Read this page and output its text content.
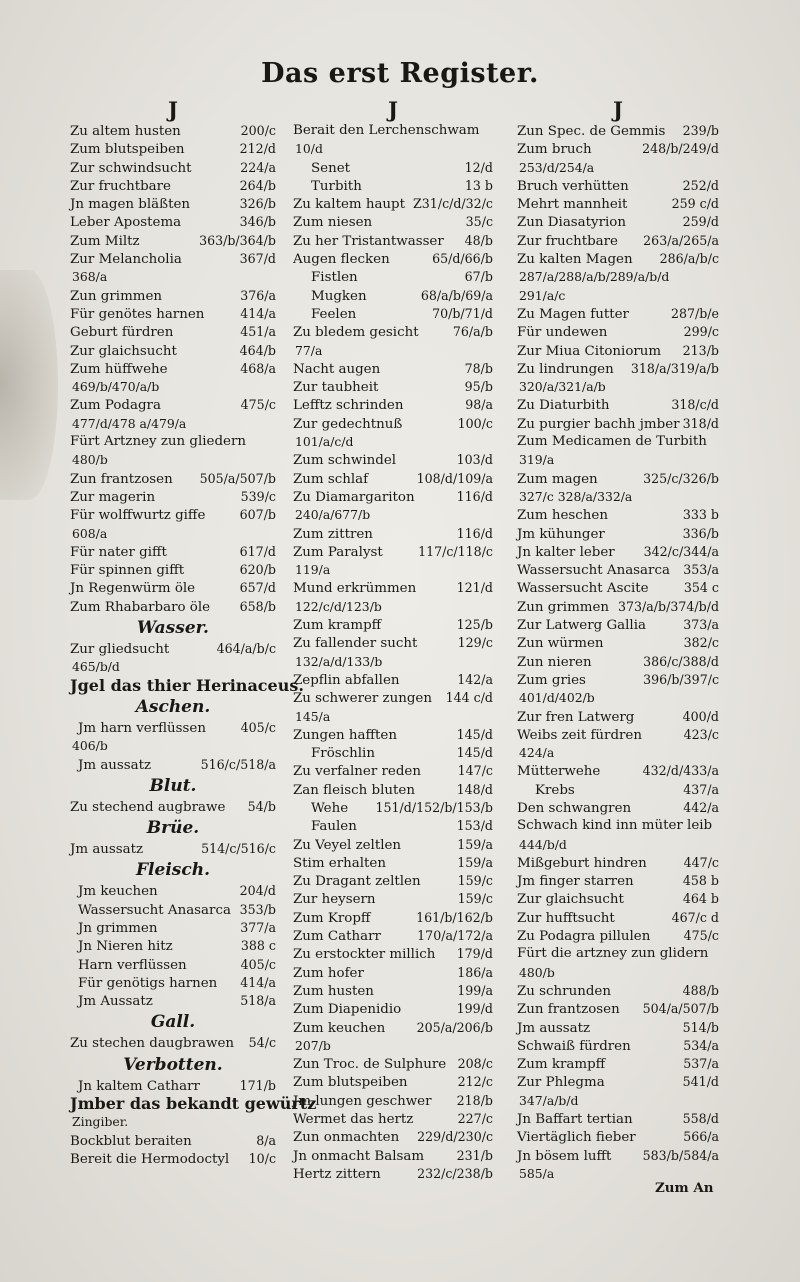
Das erst Register.
J
Zu altem husten	200/c
Zum blutspeiben	212/d
Zur schwindsucht	224/a
Zur fruchtbare	264/b
Jn magen bläßten	326/b
Leber Apostema	346/b
Zum Miltz	363/b/364/b
Zur Melancholia	367/d
368/a
Zun grimmen	376/a
Für genötes harnen	414/a
Geburt fürdren	451/a
Zur glaichsucht	464/b
Zum hüffwehe	468/a
469/b/470/a/b
Zum Podagra	475/c
477/d/478 a/479/a
Fürt Artzney zun gliedern
480/b
Zun frantzosen 505/a/507/b
Zur magerin	539/c
Für wolffwurtz giffe	607/b
608/a
Für nater gifft	617/d
Für spinnen gifft	620/b
Jn Regenwürm öle	657/d
Zum Rhabarbaro öle 658/b
Wasser.
Zur gliedsucht	464/a/b/c
465/b/d
Jgel das thier Herinaceus.
Aschen.
Jm harn verflüssen	405/c
406/b
Jm aussatz	516/c/518/a
Blut.
Zu stechend augbrawe 54/b
Brüe.
Jm aussatz	514/c/516/c
Fleisch.
Jm keuchen	204/d
Wassersucht Anasarca 353/b
Jn grimmen	377/a
Jn Nieren hitz	388 c
Harn verflüssen	405/c
Für genötigs harnen 414/a
Jm Aussatz	518/a
Gall.
Zu stechen daugbrawen 54/c
Verbotten.
Jn kaltem Catharr	171/b
Jmber das bekandt gewürtz
Zingiber.
Bockblut beraiten	8/a
Bereit die Hermodoctyl 10/c
J
Berait den Lerchenschwam
10/d
Senet	12/d
Turbith	13 b
Zu kaltem haupt Z31/c/d/32/c
Zum niesen	35/c
Zu her Tristantwasser 48/b
Augen flecken	65/d/66/b
Fistlen	67/b
Mugken	68/a/b/69/a
Feelen	70/b/71/d
Zu bledem gesicht	76/a/b
77/a
Nacht augen	78/b
Zur taubheit	95/b
Lefftz schrinden	98/a
Zur gedechtnuß	100/c
101/a/c/d
Zum schwindel	103/d
Zum schlaf	108/d/109/a
Zu Diamargariton	116/d
240/a/677/b
Zum zittren	116/d
Zum Paralyst	117/c/118/c
119/a
Mund erkrümmen	121/d
122/c/d/123/b
Zum krampff	125/b
Zu fallender sucht	129/c
132/a/d/133/b
Zepflin abfallen	142/a
Zu schwerer zungen 144 c/d
145/a
Zungen hafften	145/d
Fröschlin	145/d
Zu verfalner reden	147/c
Zan fleisch bluten	148/d
Wehe 151/d/152/b/153/b
Faulen	153/d
Zu Veyel zeltlen	159/a
Stim erhalten	159/a
Zu Dragant zeltlen	159/c
Zur heysern	159/c
Zum Kropff	161/b/162/b
Zum Catharr	170/a/172/a
Zu erstockter millich 179/d
Zum hofer	186/a
Zum husten	199/a
Zum Diapenidio	199/d
Zum keuchen 205/a/206/b
207/b
Zun Troc. de Sulphure 208/c
Zum blutspeiben	212/c
Jm lungen geschwer 218/b
Wermet das hertz	227/c
Zun onmachten 229/d/230/c
Jn onmacht Balsam	231/b
Hertz zittern	232/c/238/b
J
Zun Spec. de Gemmis 239/b
Zum bruch	248/b/249/d
253/d/254/a
Bruch verhütten	252/d
Mehrt mannheit	259 c/d
Zun Diasatyrion	259/d
Zur fruchtbare 263/a/265/a
Zu kalten Magen 286/a/b/c
287/a/288/a/b/289/a/b/d
291/a/c
Zu Magen futter	287/b/e
Für undewen	299/c
Zur Miua Citoniorum 213/b
Zu lindrungen 318/a/319/a/b
320/a/321/a/b
Zu Diaturbith	318/c/d
Zu purgier bachh jmber 318/d
Zum Medicamen de Turbith
319/a
Zum magen	325/c/326/b
327/c 328/a/332/a
Zum heschen	333 b
Jm kühunger	336/b
Jn kalter leber 342/c/344/a
Wassersucht Anasarca 353/a
Wassersucht Ascite	354 c
Zun grimmen 373/a/b/374/b/d
Zur Latwerg Gallia	373/a
Zun würmen	382/c
Zun nieren	386/c/388/d
Zum gries	396/b/397/c
401/d/402/b
Zur fren Latwerg	400/d
Weibs zeit fürdren	423/c
424/a
Mütterwehe	432/d/433/a
Krebs	437/a
Den schwangren	442/a
Schwach kind inn müter leib
444/b/d
Mißgeburt hindren	447/c
Jm finger starren	458 b
Zur glaichsucht	464 b
Zur hufftsucht	467/c d
Zu Podagra pillulen	475/c
Fürt die artzney zun glidern
480/b
Zu schrunden	488/b
Zun frantzosen 504/a/507/b
Jm aussatz	514/b
Schwaiß fürdren	534/a
Zum krampff	537/a
Zur Phlegma	541/d
347/a/b/d
Jn Baffart tertian	558/d
Viertäglich fieber	566/a
Jn bösem lufft 583/b/584/a
585/a
Zum An
